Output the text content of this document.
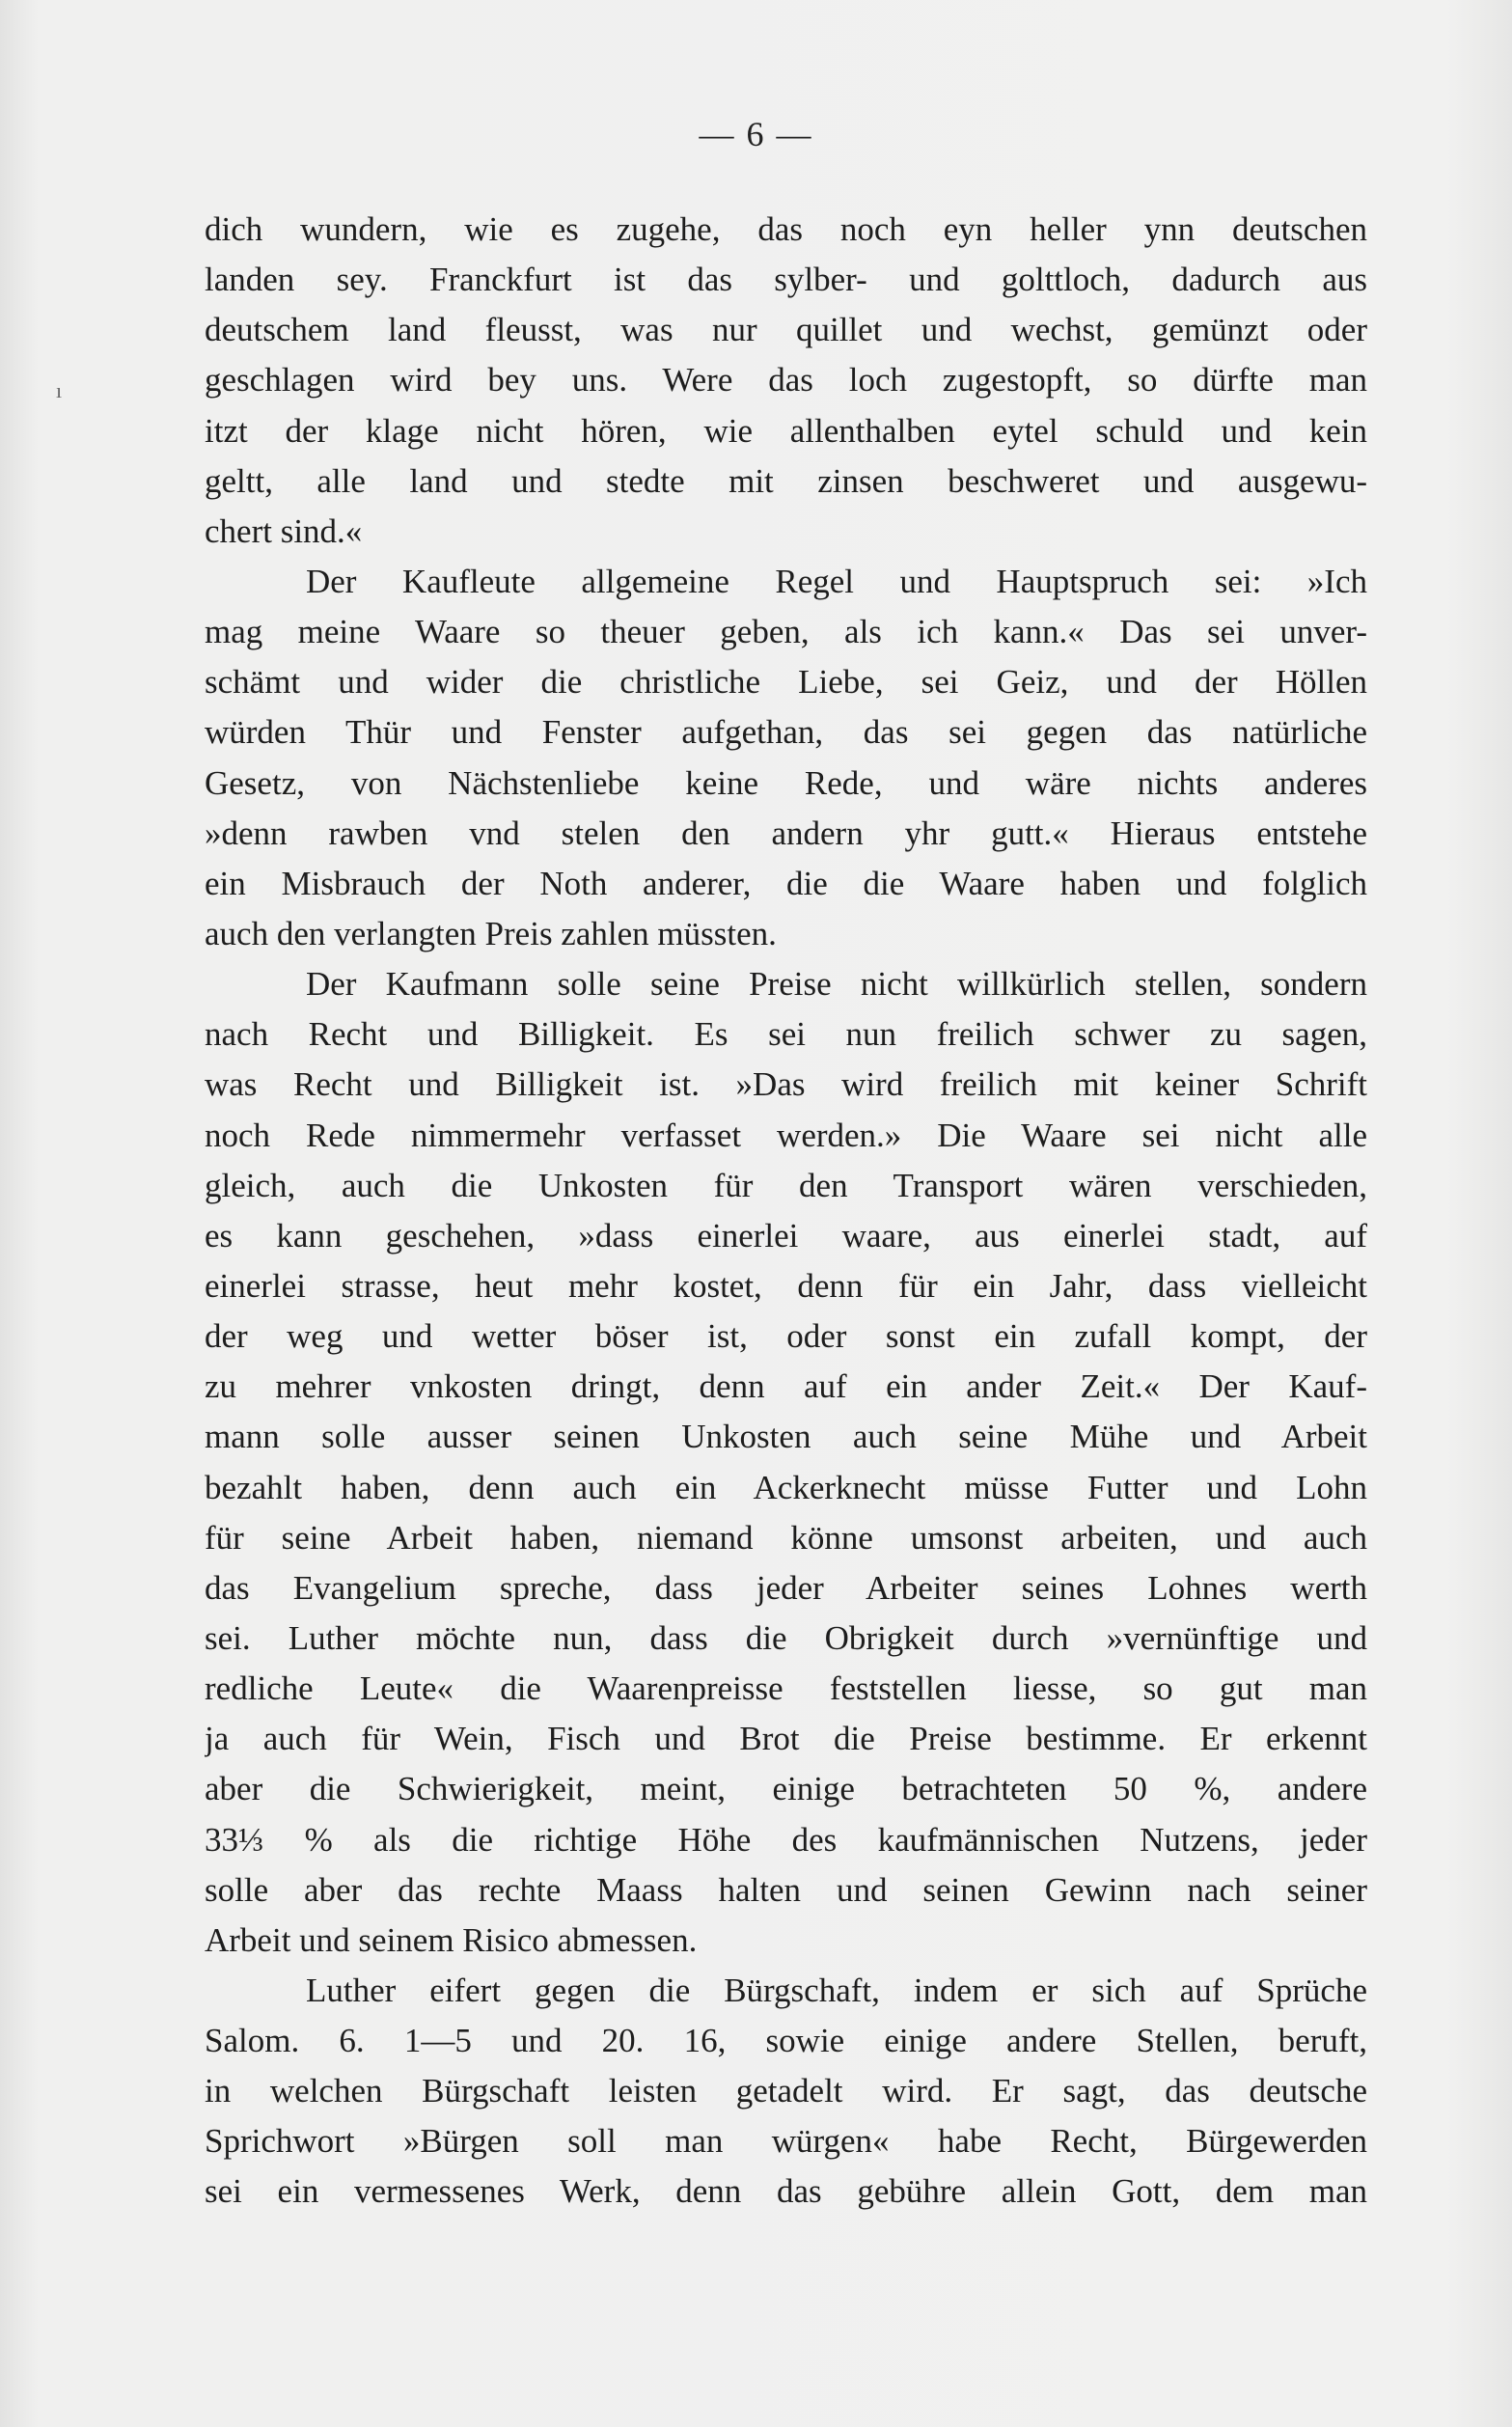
ı
— 6 —
dich wundern, wie es zugehe, das noch eyn heller ynn deutschen
landen sey. Franckfurt ist das sylber- und golttloch, dadurch aus
deutschem land fleusst, was nur quillet und wechst, gemünzt oder
geschlagen wird bey uns. Were das loch zugestopft, so dürfte man
itzt der klage nicht hören, wie allenthalben eytel schuld und kein
geltt, alle land und stedte mit zinsen beschweret und ausgewu-
chert sind.«
Der Kaufleute allgemeine Regel und Hauptspruch sei: »Ich
mag meine Waare so theuer geben, als ich kann.« Das sei unver-
schämt und wider die christliche Liebe, sei Geiz, und der Höllen
würden Thür und Fenster aufgethan, das sei gegen das natürliche
Gesetz, von Nächstenliebe keine Rede, und wäre nichts anderes
»denn rawben vnd stelen den andern yhr gutt.« Hieraus entstehe
ein Misbrauch der Noth anderer, die die Waare haben und folglich
auch den verlangten Preis zahlen müssten.
Der Kaufmann solle seine Preise nicht willkürlich stellen, sondern
nach Recht und Billigkeit. Es sei nun freilich schwer zu sagen,
was Recht und Billigkeit ist. »Das wird freilich mit keiner Schrift
noch Rede nimmermehr verfasset werden.» Die Waare sei nicht alle
gleich, auch die Unkosten für den Transport wären verschieden,
es kann geschehen, »dass einerlei waare, aus einerlei stadt, auf
einerlei strasse, heut mehr kostet, denn für ein Jahr, dass vielleicht
der weg und wetter böser ist, oder sonst ein zufall kompt, der
zu mehrer vnkosten dringt, denn auf ein ander Zeit.« Der Kauf-
mann solle ausser seinen Unkosten auch seine Mühe und Arbeit
bezahlt haben, denn auch ein Ackerknecht müsse Futter und Lohn
für seine Arbeit haben, niemand könne umsonst arbeiten, und auch
das Evangelium spreche, dass jeder Arbeiter seines Lohnes werth
sei. Luther möchte nun, dass die Obrigkeit durch »vernünftige und
redliche Leute« die Waarenpreisse feststellen liesse, so gut man
ja auch für Wein, Fisch und Brot die Preise bestimme. Er erkennt
aber die Schwierigkeit, meint, einige betrachteten 50 %, andere
33⅓ % als die richtige Höhe des kaufmännischen Nutzens, jeder
solle aber das rechte Maass halten und seinen Gewinn nach seiner
Arbeit und seinem Risico abmessen.
Luther eifert gegen die Bürgschaft, indem er sich auf Sprüche
Salom. 6. 1—5 und 20. 16, sowie einige andere Stellen, beruft,
in welchen Bürgschaft leisten getadelt wird. Er sagt, das deutsche
Sprichwort »Bürgen soll man würgen« habe Recht, Bürgewerden
sei ein vermessenes Werk, denn das gebühre allein Gott, dem man
